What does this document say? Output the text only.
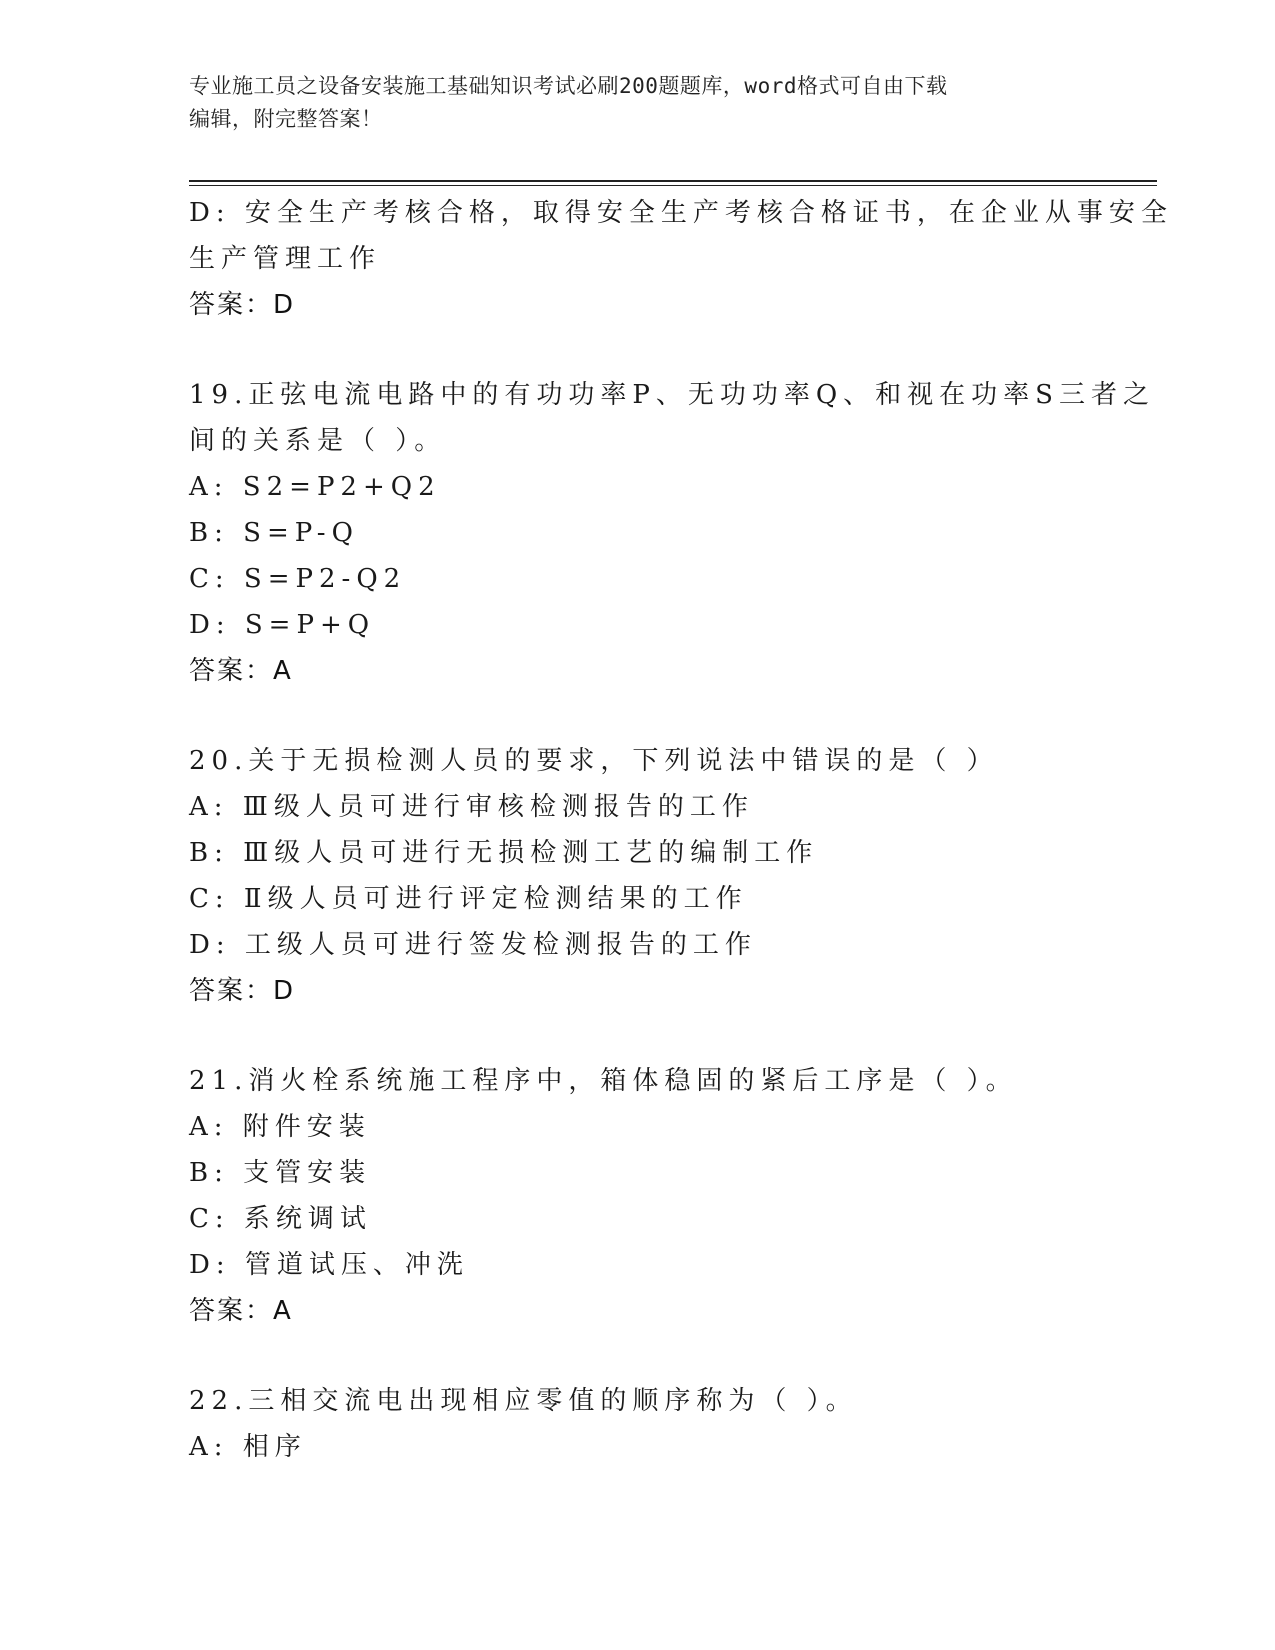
专业施工员之设备安装施工基础知识考试必刷200题题库，word格式可自由下载
编辑，附完整答案！
D: 安全生产考核合格，取得安全生产考核合格证书，在企业从事安全
生产管理工作
答案：D
19.正弦电流电路中的有功功率P、无功功率Q、和视在功率S三者之
间的关系是（ ）。
A: S2=P2+Q2
B: S=P-Q
C: S=P2-Q2
D: S=P+Q
答案：A
20.关于无损检测人员的要求，下列说法中错误的是（ ）
A: Ⅲ级人员可进行审核检测报告的工作
B: Ⅲ级人员可进行无损检测工艺的编制工作
C: Ⅱ级人员可进行评定检测结果的工作
D: 工级人员可进行签发检测报告的工作
答案：D
21.消火栓系统施工程序中，箱体稳固的紧后工序是（ ）。
A: 附件安装
B: 支管安装
C: 系统调试
D: 管道试压、冲洗
答案：A
22.三相交流电出现相应零值的顺序称为（ ）。
A: 相序
